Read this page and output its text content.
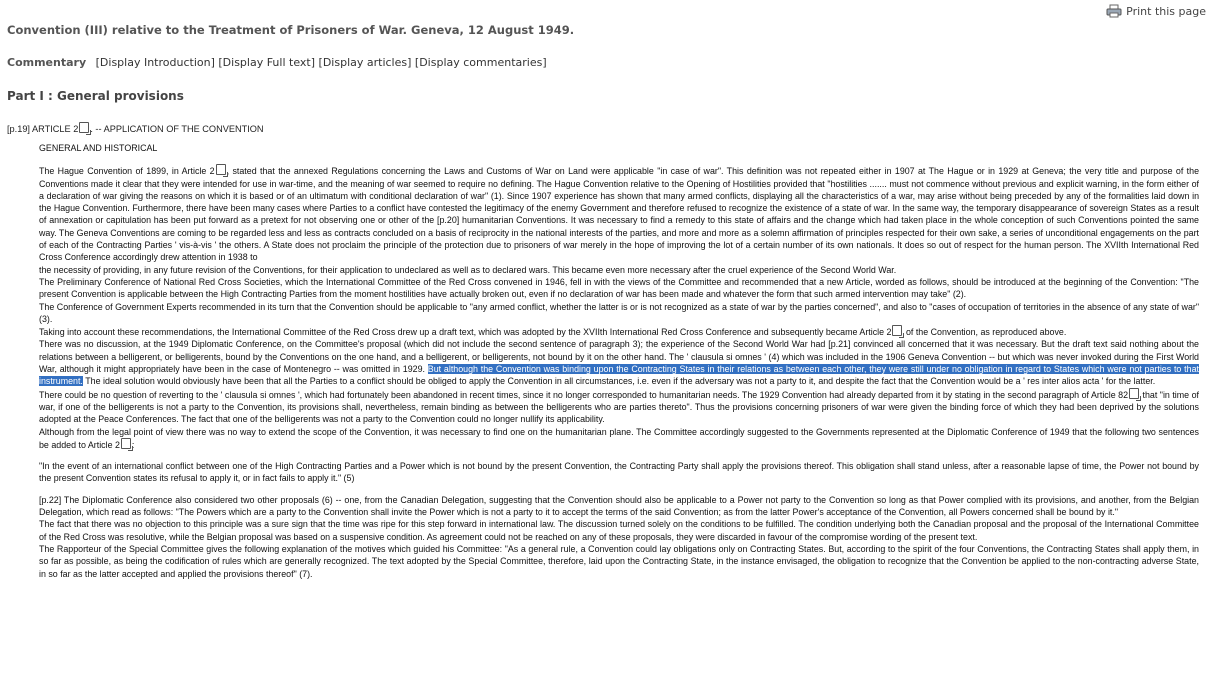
Print this page
Convention (III) relative to the Treatment of Prisoners of War. Geneva, 12 August 1949.
Commentary [Display Introduction] [Display Full text] [Display articles] [Display commentaries]
Part I : General provisions
[p.19] ARTICLE 2 . -- APPLICATION OF THE CONVENTION

GENERAL AND HISTORICAL

The Hague Convention of 1899, in Article 2 , stated that the annexed Regulations concerning the Laws and Customs of War on Land were applicable "in case of war". This definition was not repeated either in 1907 at The Hague or in 1929 at Geneva; the very title and purpose of the Conventions made it clear that they were intended for use in war-time, and the meaning of war seemed to require no defining. The Hague Convention relative to the Opening of Hostilities provided that "hostilities ....... must not commence without previous and explicit warning, in the form either of a declaration of war giving the reasons on which it is based or of an ultimatum with conditional declaration of war" (1). Since 1907 experience has shown that many armed conflicts, displaying all the characteristics of a war, may arise without being preceded by any of the formalities laid down in the Hague Convention. Furthermore, there have been many cases where Parties to a conflict have contested the legitimacy of the enemy Government and therefore refused to recognize the existence of a state of war. In the same way, the temporary disappearance of sovereign States as a result of annexation or capitulation has been put forward as a pretext for not observing one or other of the [p.20] humanitarian Conventions. It was necessary to find a remedy to this state of affairs and the change which had taken place in the whole conception of such Conventions pointed the same way. The Geneva Conventions are coming to be regarded less and less as contracts concluded on a basis of reciprocity in the national interests of the parties, and more and more as a solemn affirmation of principles respected for their own sake, a series of unconditional engagements on the part of each of the Contracting Parties ' vis-à-vis ' the others. A State does not proclaim the principle of the protection due to prisoners of war merely in the hope of improving the lot of a certain number of its own nationals. It does so out of respect for the human person. The XVIIth International Red Cross Conference accordingly drew attention in 1938 to

the necessity of providing, in any future revision of the Conventions, for their application to undeclared as well as to declared wars. This became even more necessary after the cruel experience of the Second World War.

The Preliminary Conference of National Red Cross Societies, which the International Committee of the Red Cross convened in 1946, fell in with the views of the Committee and recommended that a new Article, worded as follows, should be introduced at the beginning of the Convention: "The present Convention is applicable between the High Contracting Parties from the moment hostilities have actually broken out, even if no declaration of war has been made and whatever the form that such armed intervention may take" (2).

The Conference of Government Experts recommended in its turn that the Convention should be applicable to "any armed conflict, whether the latter is or is not recognized as a state of war by the parties concerned", and also to "cases of occupation of territories in the absence of any state of war" (3).

Taking into account these recommendations, the International Committee of the Red Cross drew up a draft text, which was adopted by the XVIIth International Red Cross Conference and subsequently became Article 2 of the Convention, as reproduced above.

There was no discussion, at the 1949 Diplomatic Conference, on the Committee's proposal (which did not include the second sentence of paragraph 3); the experience of the Second World War had [p.21] convinced all concerned that it was necessary. But the draft text said nothing about the relations between a belligerent, or belligerents, bound by the Conventions on the one hand, and a belligerent, or belligerents, not bound by it on the other hand. The ' clausula si omnes ' (4) which was included in the 1906 Geneva Convention -- but which was never invoked during the First World War, although it might appropriately have been in the case of Montenegro -- was omitted in 1929. But although the Convention was binding upon the Contracting States in their relations as between each other, they were still under no obligation in regard to States which were not parties to that instrument. The ideal solution would obviously have been that all the Parties to a conflict should be obliged to apply the Convention in all circumstances, i.e. even if the adversary was not a party to it, and despite the fact that the Convention would be a ' res inter alios acta ' for the latter.

There could be no question of reverting to the ' clausula si omnes ', which had fortunately been abandoned in recent times, since it no longer corresponded to humanitarian needs. The 1929 Convention had already departed from it by stating in the second paragraph of Article 82 that "in time of war, if one of the belligerents is not a party to the Convention, its provisions shall, nevertheless, remain binding as between the belligerents who are parties thereto". Thus the provisions concerning prisoners of war were given the binding force of which they had been deprived by the solutions adopted at the Peace Conferences. The fact that one of the belligerents was not a party to the Convention could no longer nullify its applicability.

Although from the legal point of view there was no way to extend the scope of the Convention, it was necessary to find one on the humanitarian plane. The Committee accordingly suggested to the Governments represented at the Diplomatic Conference of 1949 that the following two sentences be added to Article 2 :

"In the event of an international conflict between one of the High Contracting Parties and a Power which is not bound by the present Convention, the Contracting Party shall apply the provisions thereof. This obligation shall stand unless, after a reasonable lapse of time, the Power not bound by the present Convention states its refusal to apply it, or in fact fails to apply it." (5)

[p.22] The Diplomatic Conference also considered two other proposals (6) -- one, from the Canadian Delegation, suggesting that the Convention should also be applicable to a Power not party to the Convention so long as that Power complied with its provisions, and another, from the Belgian Delegation, which read as follows: "The Powers which are a party to the Convention shall invite the Power which is not a party to it to accept the terms of the said Convention; as from the latter Power's acceptance of the Convention, all Powers concerned shall be bound by it."

The fact that there was no objection to this principle was a sure sign that the time was ripe for this step forward in international law. The discussion turned solely on the conditions to be fulfilled. The condition underlying both the Canadian proposal and the proposal of the International Committee of the Red Cross was resolutive, while the Belgian proposal was based on a suspensive condition. As agreement could not be reached on any of these proposals, they were discarded in favour of the compromise wording of the present text.

The Rapporteur of the Special Committee gives the following explanation of the motives which guided his Committee: "As a general rule, a Convention could lay obligations only on Contracting States. But, according to the spirit of the four Conventions, the Contracting States shall apply them, in so far as possible, as being the codification of rules which are generally recognized. The text adopted by the Special Committee, therefore, laid upon the Contracting State, in the instance envisaged, the obligation to recognize that the Convention be applied to the non-contracting adverse State, in so far as the latter accepted and applied the provisions thereof" (7).
